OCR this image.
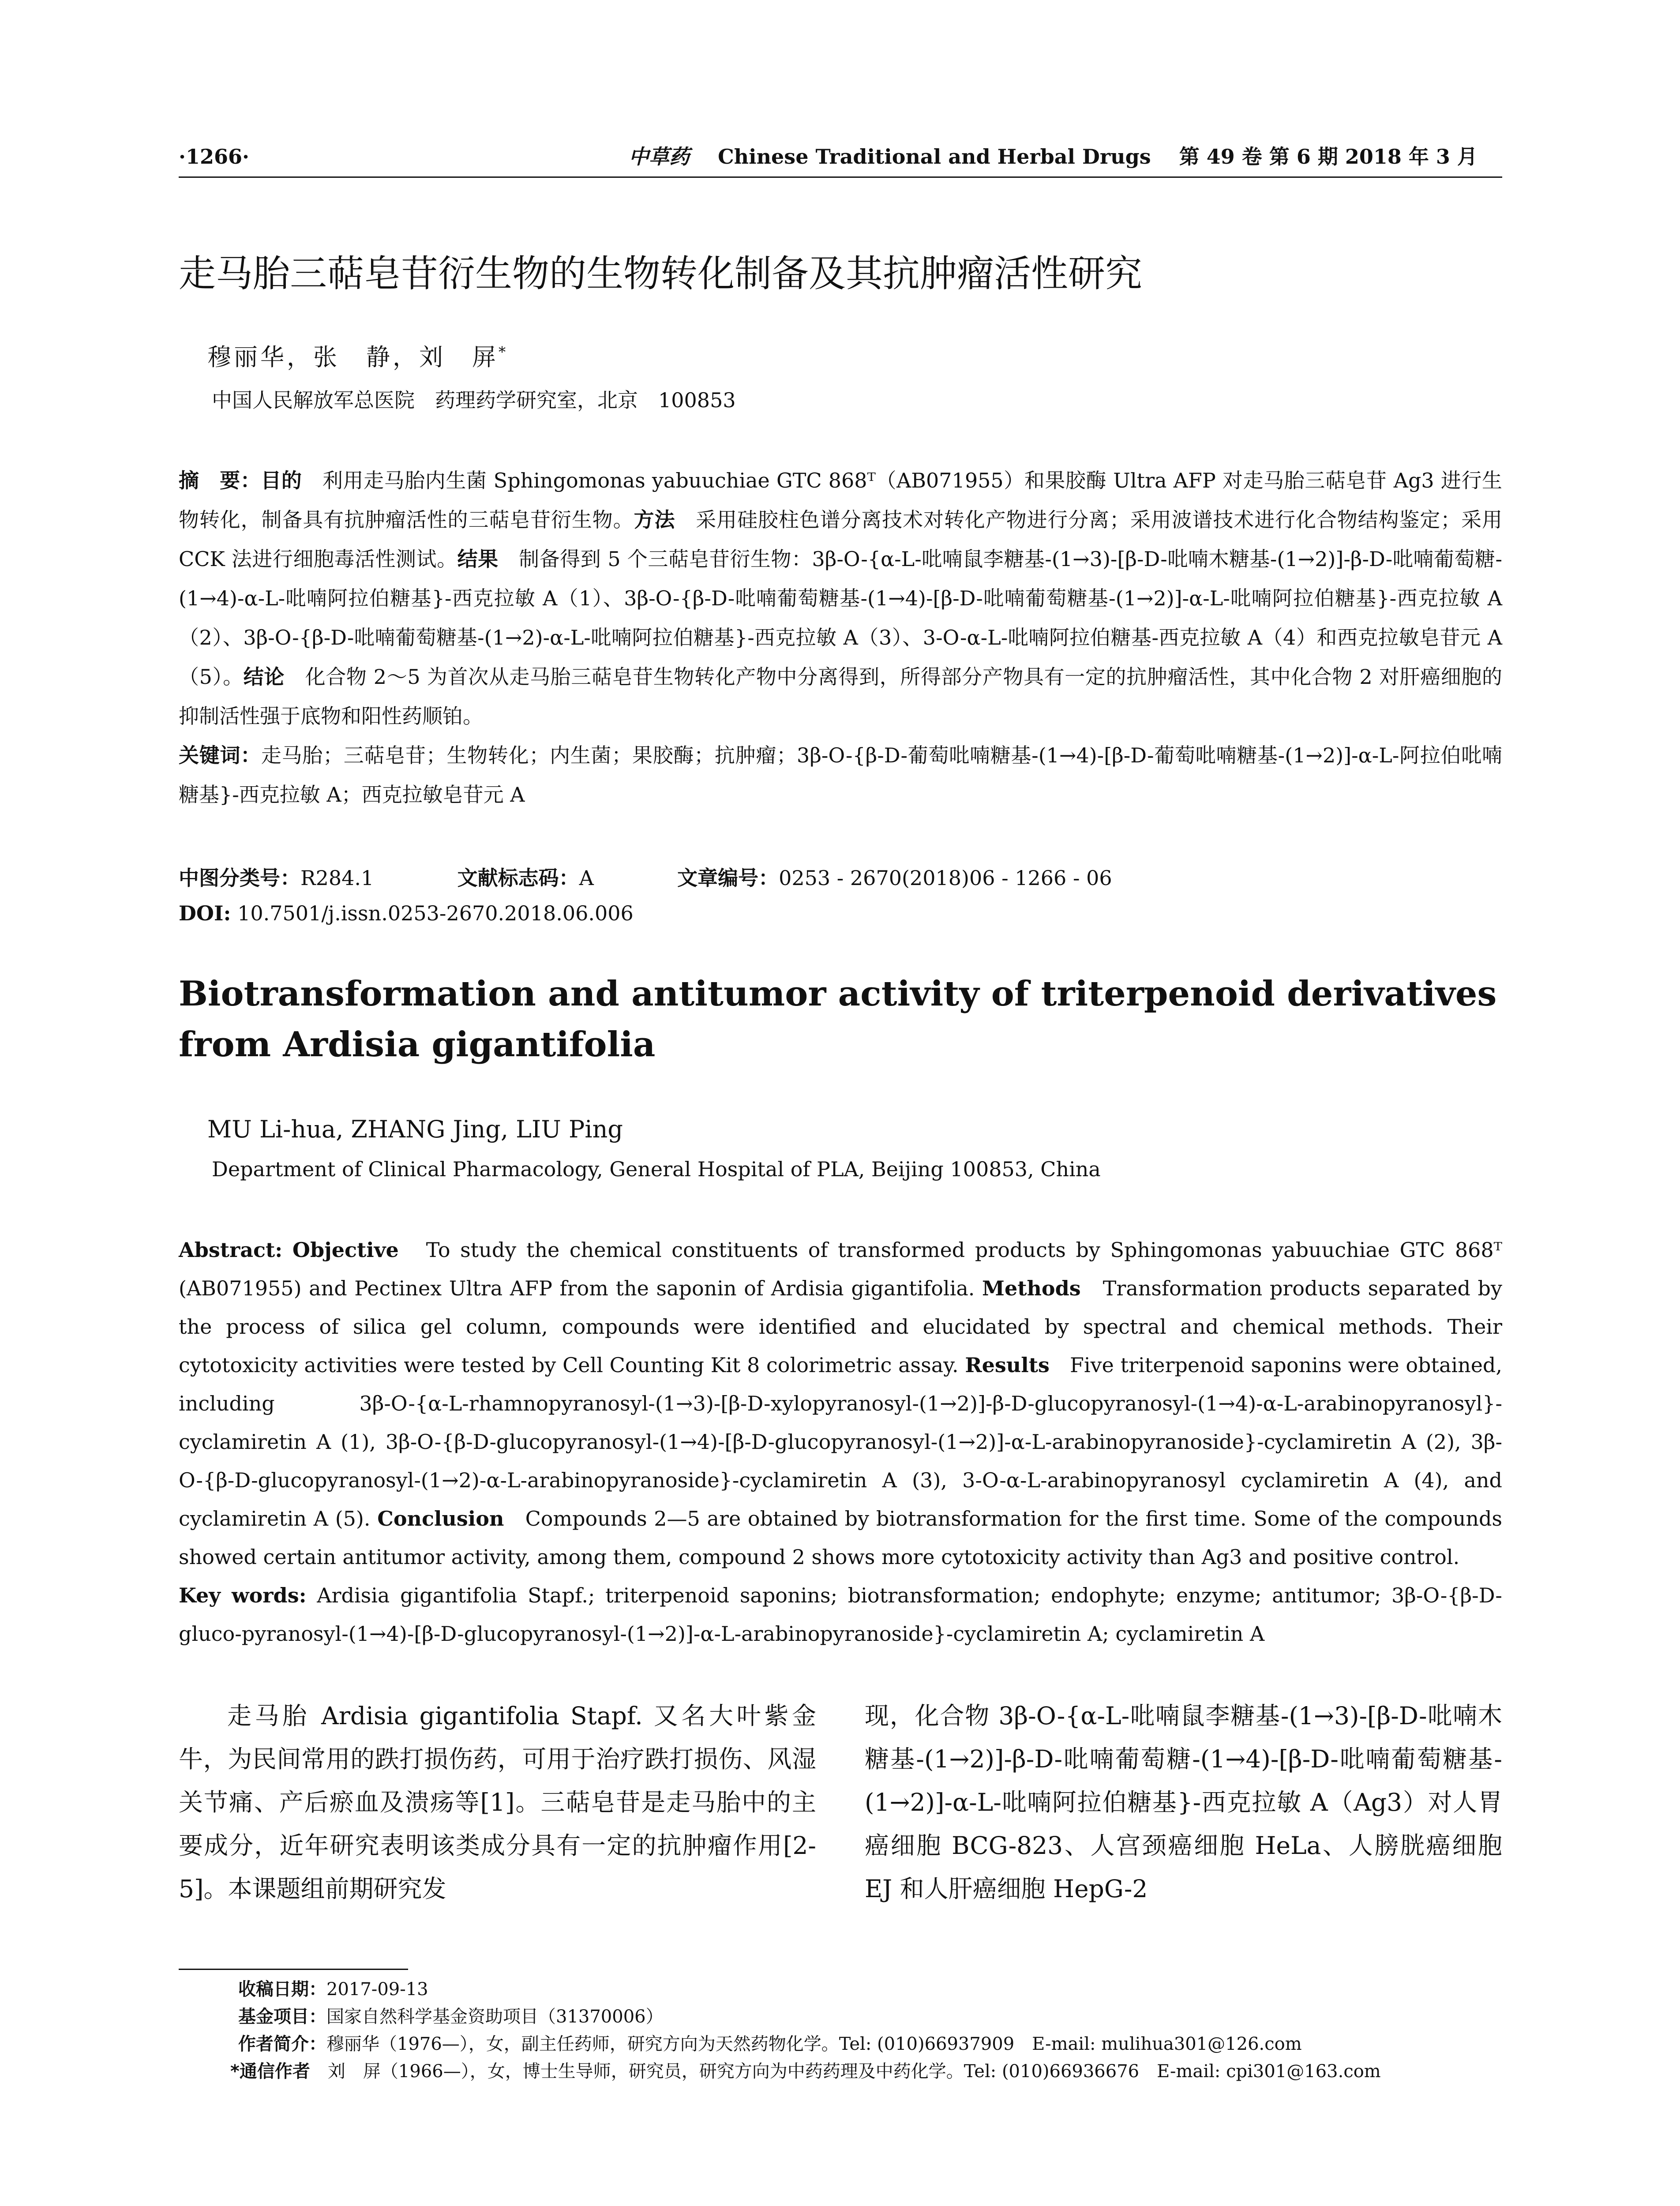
·1266·	中草药 Chinese Traditional and Herbal Drugs 第 49 卷 第 6 期 2018 年 3 月
走马胎三萜皂苷衍生物的生物转化制备及其抗肿瘤活性研究
穆丽华，张　静，刘　屏*
中国人民解放军总医院　药理药学研究室，北京　100853

摘　要：目的　利用走马胎内生菌 Sphingomonas yabuuchiae GTC 868ᵀ（AB071955）和果胶酶 Ultra AFP 对走马胎三萜皂苷 Ag3 进行生物转化，制备具有抗肿瘤活性的三萜皂苷衍生物。方法　采用硅胶柱色谱分离技术对转化产物进行分离；采用波谱技术进行化合物结构鉴定；采用 CCK 法进行细胞毒活性测试。结果　制备得到 5 个三萜皂苷衍生物：3β-O-{α-L-吡喃鼠李糖基-(1→3)-[β-D-吡喃木糖基-(1→2)]-β-D-吡喃葡萄糖-(1→4)-α-L-吡喃阿拉伯糖基}-西克拉敏 A（1）、3β-O-{β-D-吡喃葡萄糖基-(1→4)-[β-D-吡喃葡萄糖基-(1→2)]-α-L-吡喃阿拉伯糖基}-西克拉敏 A（2）、3β-O-{β-D-吡喃葡萄糖基-(1→2)-α-L-吡喃阿拉伯糖基}-西克拉敏 A（3）、3-O-α-L-吡喃阿拉伯糖基-西克拉敏 A（4）和西克拉敏皂苷元 A（5）。结论　化合物 2～5 为首次从走马胎三萜皂苷生物转化产物中分离得到，所得部分产物具有一定的抗肿瘤活性，其中化合物 2 对肝癌细胞的抑制活性强于底物和阳性药顺铂。

关键词：走马胎；三萜皂苷；生物转化；内生菌；果胶酶；抗肿瘤；3β-O-{β-D-葡萄吡喃糖基-(1→4)-[β-D-葡萄吡喃糖基-(1→2)]-α-L-阿拉伯吡喃糖基}-西克拉敏 A；西克拉敏皂苷元 A

中图分类号：R284.1	文献标志码：A	文章编号：0253 - 2670(2018)06 - 1266 - 06
DOI: 10.7501/j.issn.0253-2670.2018.06.006
Biotransformation and antitumor activity of triterpenoid derivatives from Ardisia gigantifolia
MU Li-hua, ZHANG Jing, LIU Ping
Department of Clinical Pharmacology, General Hospital of PLA, Beijing 100853, China

Abstract: Objective　To study the chemical constituents of transformed products by Sphingomonas yabuuchiae GTC 868ᵀ (AB071955) and Pectinex Ultra AFP from the saponin of Ardisia gigantifolia. Methods　Transformation products separated by the process of silica gel column, compounds were identified and elucidated by spectral and chemical methods. Their cytotoxicity activities were tested by Cell Counting Kit 8 colorimetric assay. Results　Five triterpenoid saponins were obtained, including 3β-O-{α-L-rhamnopyranosyl-(1→3)-[β-D-xylopyranosyl-(1→2)]-β-D-glucopyranosyl-(1→4)-α-L-arabinopyranosyl}-cyclamiretin A (1), 3β-O-{β-D-glucopyranosyl-(1→4)-[β-D-glucopyranosyl-(1→2)]-α-L-arabinopyranoside}-cyclamiretin A (2), 3β-O-{β-D-glucopyranosyl-(1→2)-α-L-arabinopyranoside}-cyclamiretin A (3), 3-O-α-L-arabinopyranosyl cyclamiretin A (4), and cyclamiretin A (5). Conclusion　Compounds 2—5 are obtained by biotransformation for the first time. Some of the compounds showed certain antitumor activity, among them, compound 2 shows more cytotoxicity activity than Ag3 and positive control.

Key words: Ardisia gigantifolia Stapf.; triterpenoid saponins; biotransformation; endophyte; enzyme; antitumor; 3β-O-{β-D-gluco-pyranosyl-(1→4)-[β-D-glucopyranosyl-(1→2)]-α-L-arabinopyranoside}-cyclamiretin A; cyclamiretin A

走马胎 Ardisia gigantifolia Stapf. 又名大叶紫金牛，为民间常用的跌打损伤药，可用于治疗跌打损伤、风湿关节痛、产后瘀血及溃疡等[1]。三萜皂苷是走马胎中的主要成分，近年研究表明该类成分具有一定的抗肿瘤作用[2-5]。本课题组前期研究发

现，化合物 3β-O-{α-L-吡喃鼠李糖基-(1→3)-[β-D-吡喃木糖基-(1→2)]-β-D-吡喃葡萄糖-(1→4)-[β-D-吡喃葡萄糖基-(1→2)]-α-L-吡喃阿拉伯糖基}-西克拉敏 A（Ag3）对人胃癌细胞 BCG-823、人宫颈癌细胞 HeLa、人膀胱癌细胞 EJ 和人肝癌细胞 HepG-2

收稿日期：2017-09-13
基金项目：国家自然科学基金资助项目（31370006）
作者简介：穆丽华（1976—），女，副主任药师，研究方向为天然药物化学。Tel: (010)66937909　E-mail: mulihua301@126.com
*通信作者　刘　屏（1966—），女，博士生导师，研究员，研究方向为中药药理及中药化学。Tel: (010)66936676　E-mail: cpi301@163.com
